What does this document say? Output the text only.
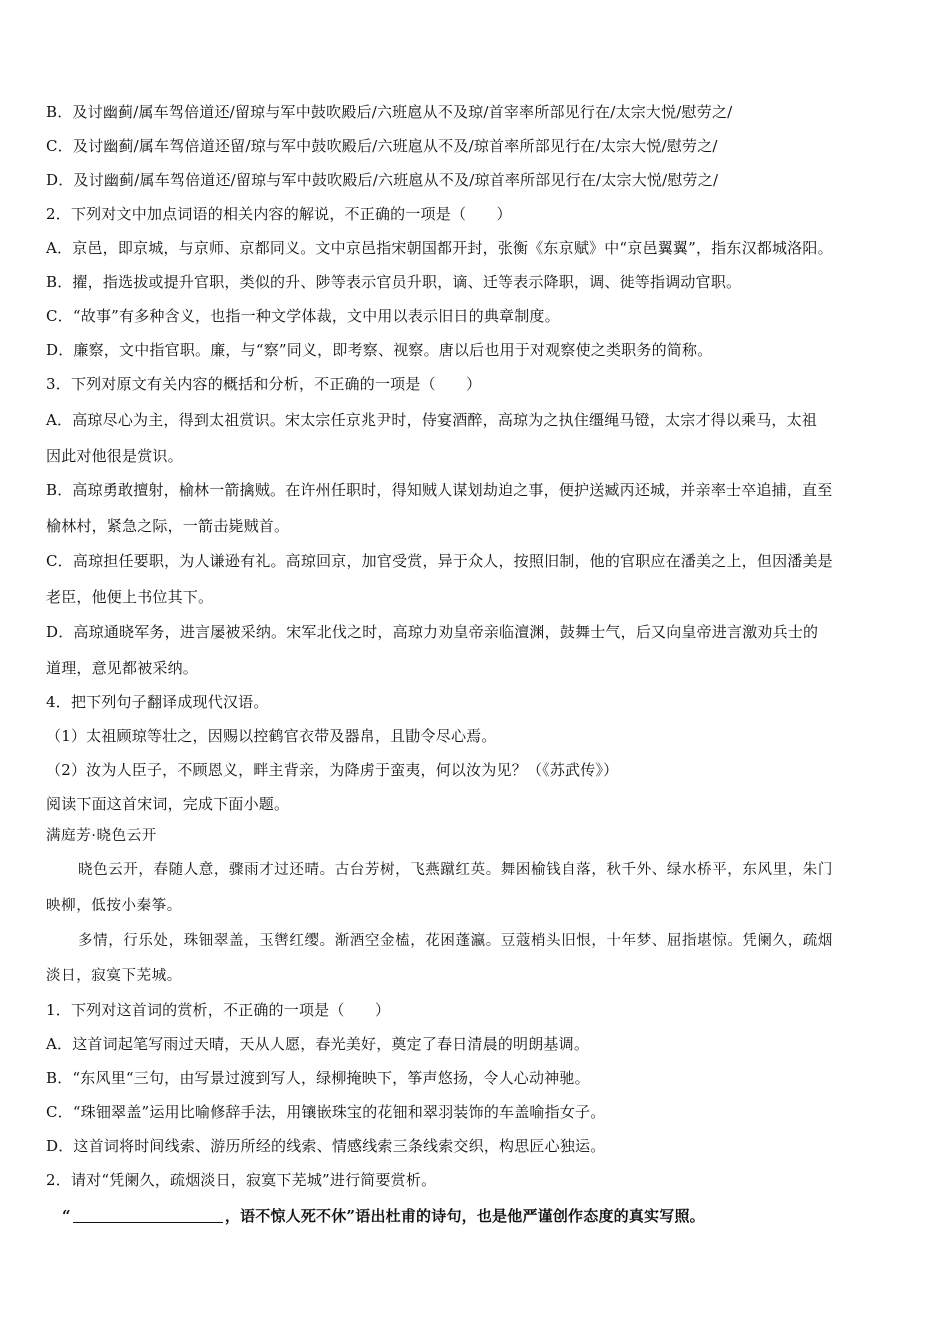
B．及讨幽蓟/属车驾倍道还/留琼与军中鼓吹殿后/六班扈从不及琼/首宰率所部见行在/太宗大悦/慰劳之/
C．及讨幽蓟/属车驾倍道还留/琼与军中鼓吹殿后/六班扈从不及/琼首率所部见行在/太宗大悦/慰劳之/
D．及讨幽蓟/属车驾倍道还/留琼与军中鼓吹殿后/六班扈从不及/琼首率所部见行在/太宗大悦/慰劳之/
2．下列对文中加点词语的相关内容的解说，不正确的一项是（　　）
A．京邑，即京城，与京师、京都同义。文中京邑指宋朝国都开封，张衡《东京赋》中“京邑翼翼”，指东汉都城洛阳。
B．擢，指选拔或提升官职，类似的升、陟等表示官员升职，谪、迁等表示降职，调、徙等指调动官职。
C．“故事”有多种含义，也指一种文学体裁，文中用以表示旧日的典章制度。
D．廉察，文中指官职。廉，与“察”同义，即考察、视察。唐以后也用于对观察使之类职务的简称。
3．下列对原文有关内容的概括和分析，不正确的一项是（　　）
A．高琼尽心为主，得到太祖赏识。宋太宗任京兆尹时，侍宴酒醉，高琼为之执住缰绳马镫，太宗才得以乘马，太祖
因此对他很是赏识。
B．高琼勇敢擅射，榆林一箭擒贼。在许州任职时，得知贼人谋划劫迫之事，便护送臧丙还城，并亲率士卒追捕，直至
榆林村，紧急之际，一箭击毙贼首。
C．高琼担任要职，为人谦逊有礼。高琼回京，加官受赏，异于众人，按照旧制，他的官职应在潘美之上，但因潘美是
老臣，他便上书位其下。
D．高琼通晓军务，进言屡被采纳。宋军北伐之时，高琼力劝皇帝亲临澶渊，鼓舞士气，后又向皇帝进言激劝兵士的
道理，意见都被采纳。
4．把下列句子翻译成现代汉语。
（1）太祖顾琼等壮之，因赐以控鹤官衣带及器帛，且勖令尽心焉。
（2）汝为人臣子，不顾恩义，畔主背亲，为降虏于蛮夷，何以汝为见？（《苏武传》）
阅读下面这首宋词，完成下面小题。
满庭芳·晓色云开
晓色云开，春随人意，骤雨才过还晴。古台芳树，飞燕蹴红英。舞困榆钱自落，秋千外、绿水桥平，东风里，朱门
映柳，低按小秦筝。
多情，行乐处，珠钿翠盖，玉辔红缨。渐酒空金榼，花困蓬瀛。豆蔻梢头旧恨，十年梦、屈指堪惊。凭阑久，疏烟
淡日，寂寞下芜城。
1．下列对这首词的赏析，不正确的一项是（　　）
A．这首词起笔写雨过天晴，天从人愿，春光美好，奠定了春日清晨的明朗基调。
B．“东风里“三句，由写景过渡到写人，绿柳掩映下，筝声悠扬，令人心动神驰。
C．“珠钿翠盖”运用比喻修辞手法，用镶嵌珠宝的花钿和翠羽装饰的车盖喻指女子。
D．这首词将时间线索、游历所经的线索、情感线索三条线索交织，构思匠心独运。
2．请对“凭阑久，疏烟淡日，寂寞下芜城”进行简要赏析。
“	，语不惊人死不休”语出杜甫的诗句，也是他严谨创作态度的真实写照。
